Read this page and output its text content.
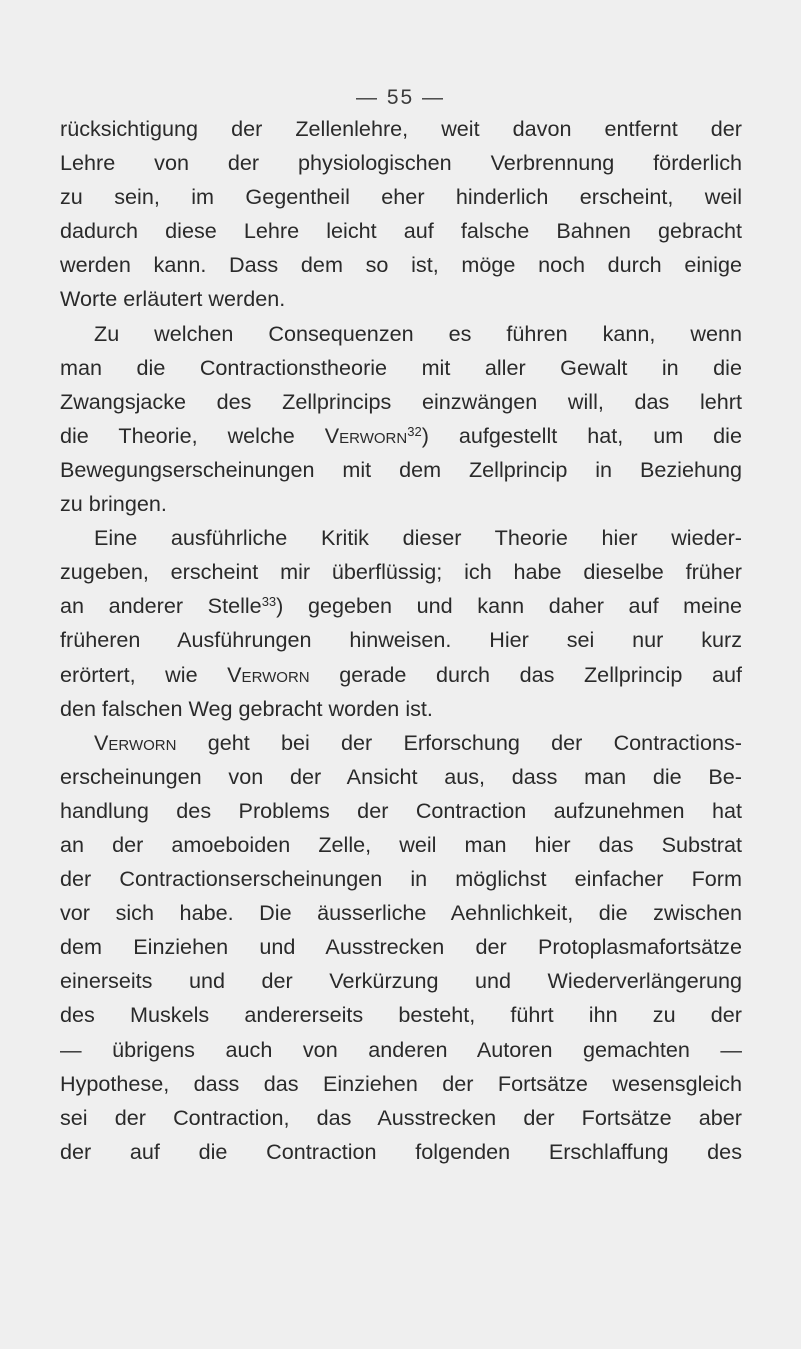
— 55 —
rücksichtigung der Zellenlehre, weit davon entfernt der
Lehre von der physiologischen Verbrennung förderlich
zu sein, im Gegentheil eher hinderlich erscheint, weil
dadurch diese Lehre leicht auf falsche Bahnen gebracht
werden kann. Dass dem so ist, möge noch durch einige
Worte erläutert werden.
Zu welchen Consequenzen es führen kann, wenn
man die Contractionstheorie mit aller Gewalt in die
Zwangsjacke des Zellprincips einzwängen will, das lehrt
die Theorie, welche Verworn$^{32}$) aufgestellt hat, um die
Bewegungserscheinungen mit dem Zellprincip in Beziehung
zu bringen.
Eine ausführliche Kritik dieser Theorie hier wieder-
zugeben, erscheint mir überflüssig; ich habe dieselbe früher
an anderer Stelle$^{33}$) gegeben und kann daher auf meine
früheren Ausführungen hinweisen. Hier sei nur kurz
erörtert, wie Verworn gerade durch das Zellprincip auf
den falschen Weg gebracht worden ist.
Verworn geht bei der Erforschung der Contractions-
erscheinungen von der Ansicht aus, dass man die Be-
handlung des Problems der Contraction aufzunehmen hat
an der amoeboiden Zelle, weil man hier das Substrat
der Contractionserscheinungen in möglichst einfacher Form
vor sich habe. Die äusserliche Aehnlichkeit, die zwischen
dem Einziehen und Ausstrecken der Protoplasmafortsätze
einerseits und der Verkürzung und Wiederverlängerung
des Muskels andererseits besteht, führt ihn zu der
— übrigens auch von anderen Autoren gemachten —
Hypothese, dass das Einziehen der Fortsätze wesensgleich
sei der Contraction, das Ausstrecken der Fortsätze aber
der auf die Contraction folgenden Erschlaffung des
